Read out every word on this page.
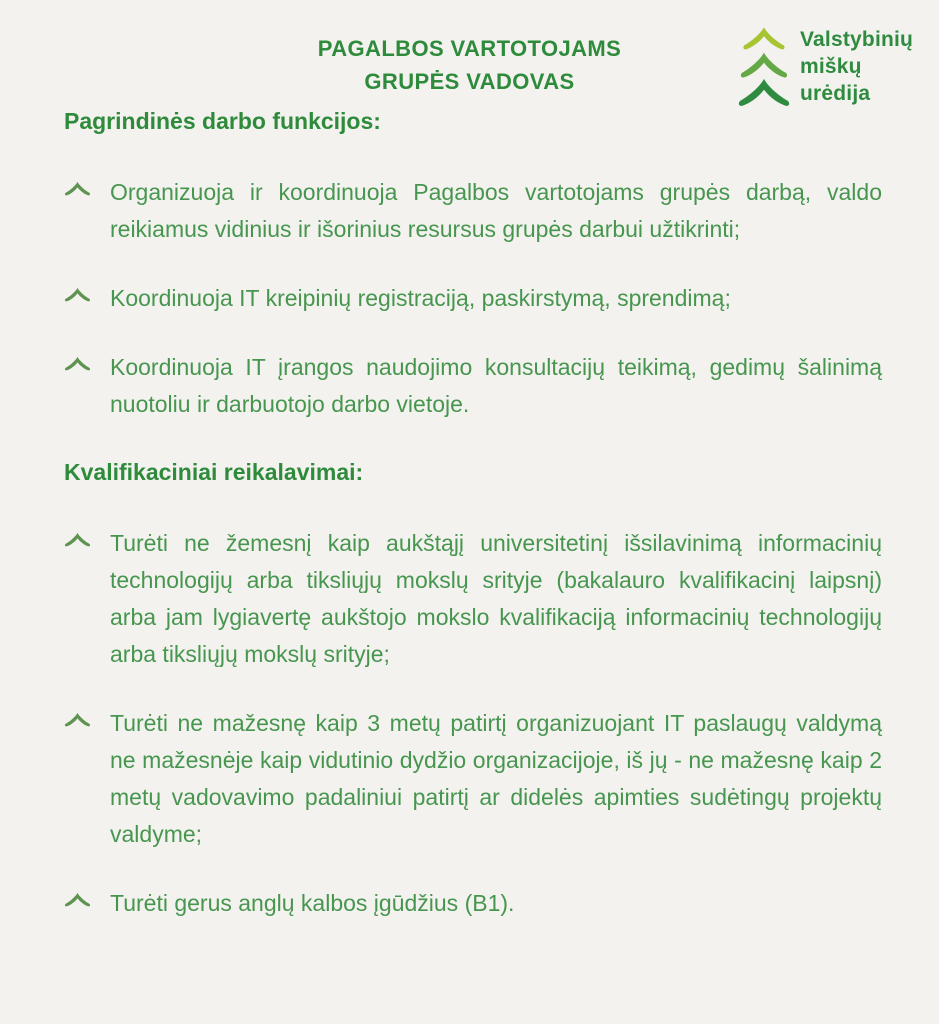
PAGALBOS VARTOTOJAMS
GRUPĖS VADOVAS
Valstybinių
miškų
urėdija
Pagrindinės darbo funkcijos:
Organizuoja ir koordinuoja Pagalbos vartotojams grupės darbą, valdo reikiamus vidinius ir išorinius resursus grupės darbui užtikrinti;
Koordinuoja IT kreipinių registraciją, paskirstymą, sprendimą;
Koordinuoja IT įrangos naudojimo konsultacijų teikimą, gedimų šalinimą nuotoliu ir darbuotojo darbo vietoje.
Kvalifikaciniai reikalavimai:
Turėti ne žemesnį kaip aukštąjį universitetinį išsilavinimą informacinių technologijų arba tiksliųjų mokslų srityje (bakalauro kvalifikacinį laipsnį) arba jam lygiavertę aukštojo mokslo kvalifikaciją informacinių technologijų arba tiksliųjų mokslų srityje;
Turėti ne mažesnę kaip 3 metų patirtį organizuojant IT paslaugų valdymą ne mažesnėje kaip vidutinio dydžio organizacijoje, iš jų - ne mažesnę kaip 2 metų vadovavimo padaliniui patirtį ar didelės apimties sudėtingų projektų valdyme;
Turėti gerus anglų kalbos įgūdžius (B1).
